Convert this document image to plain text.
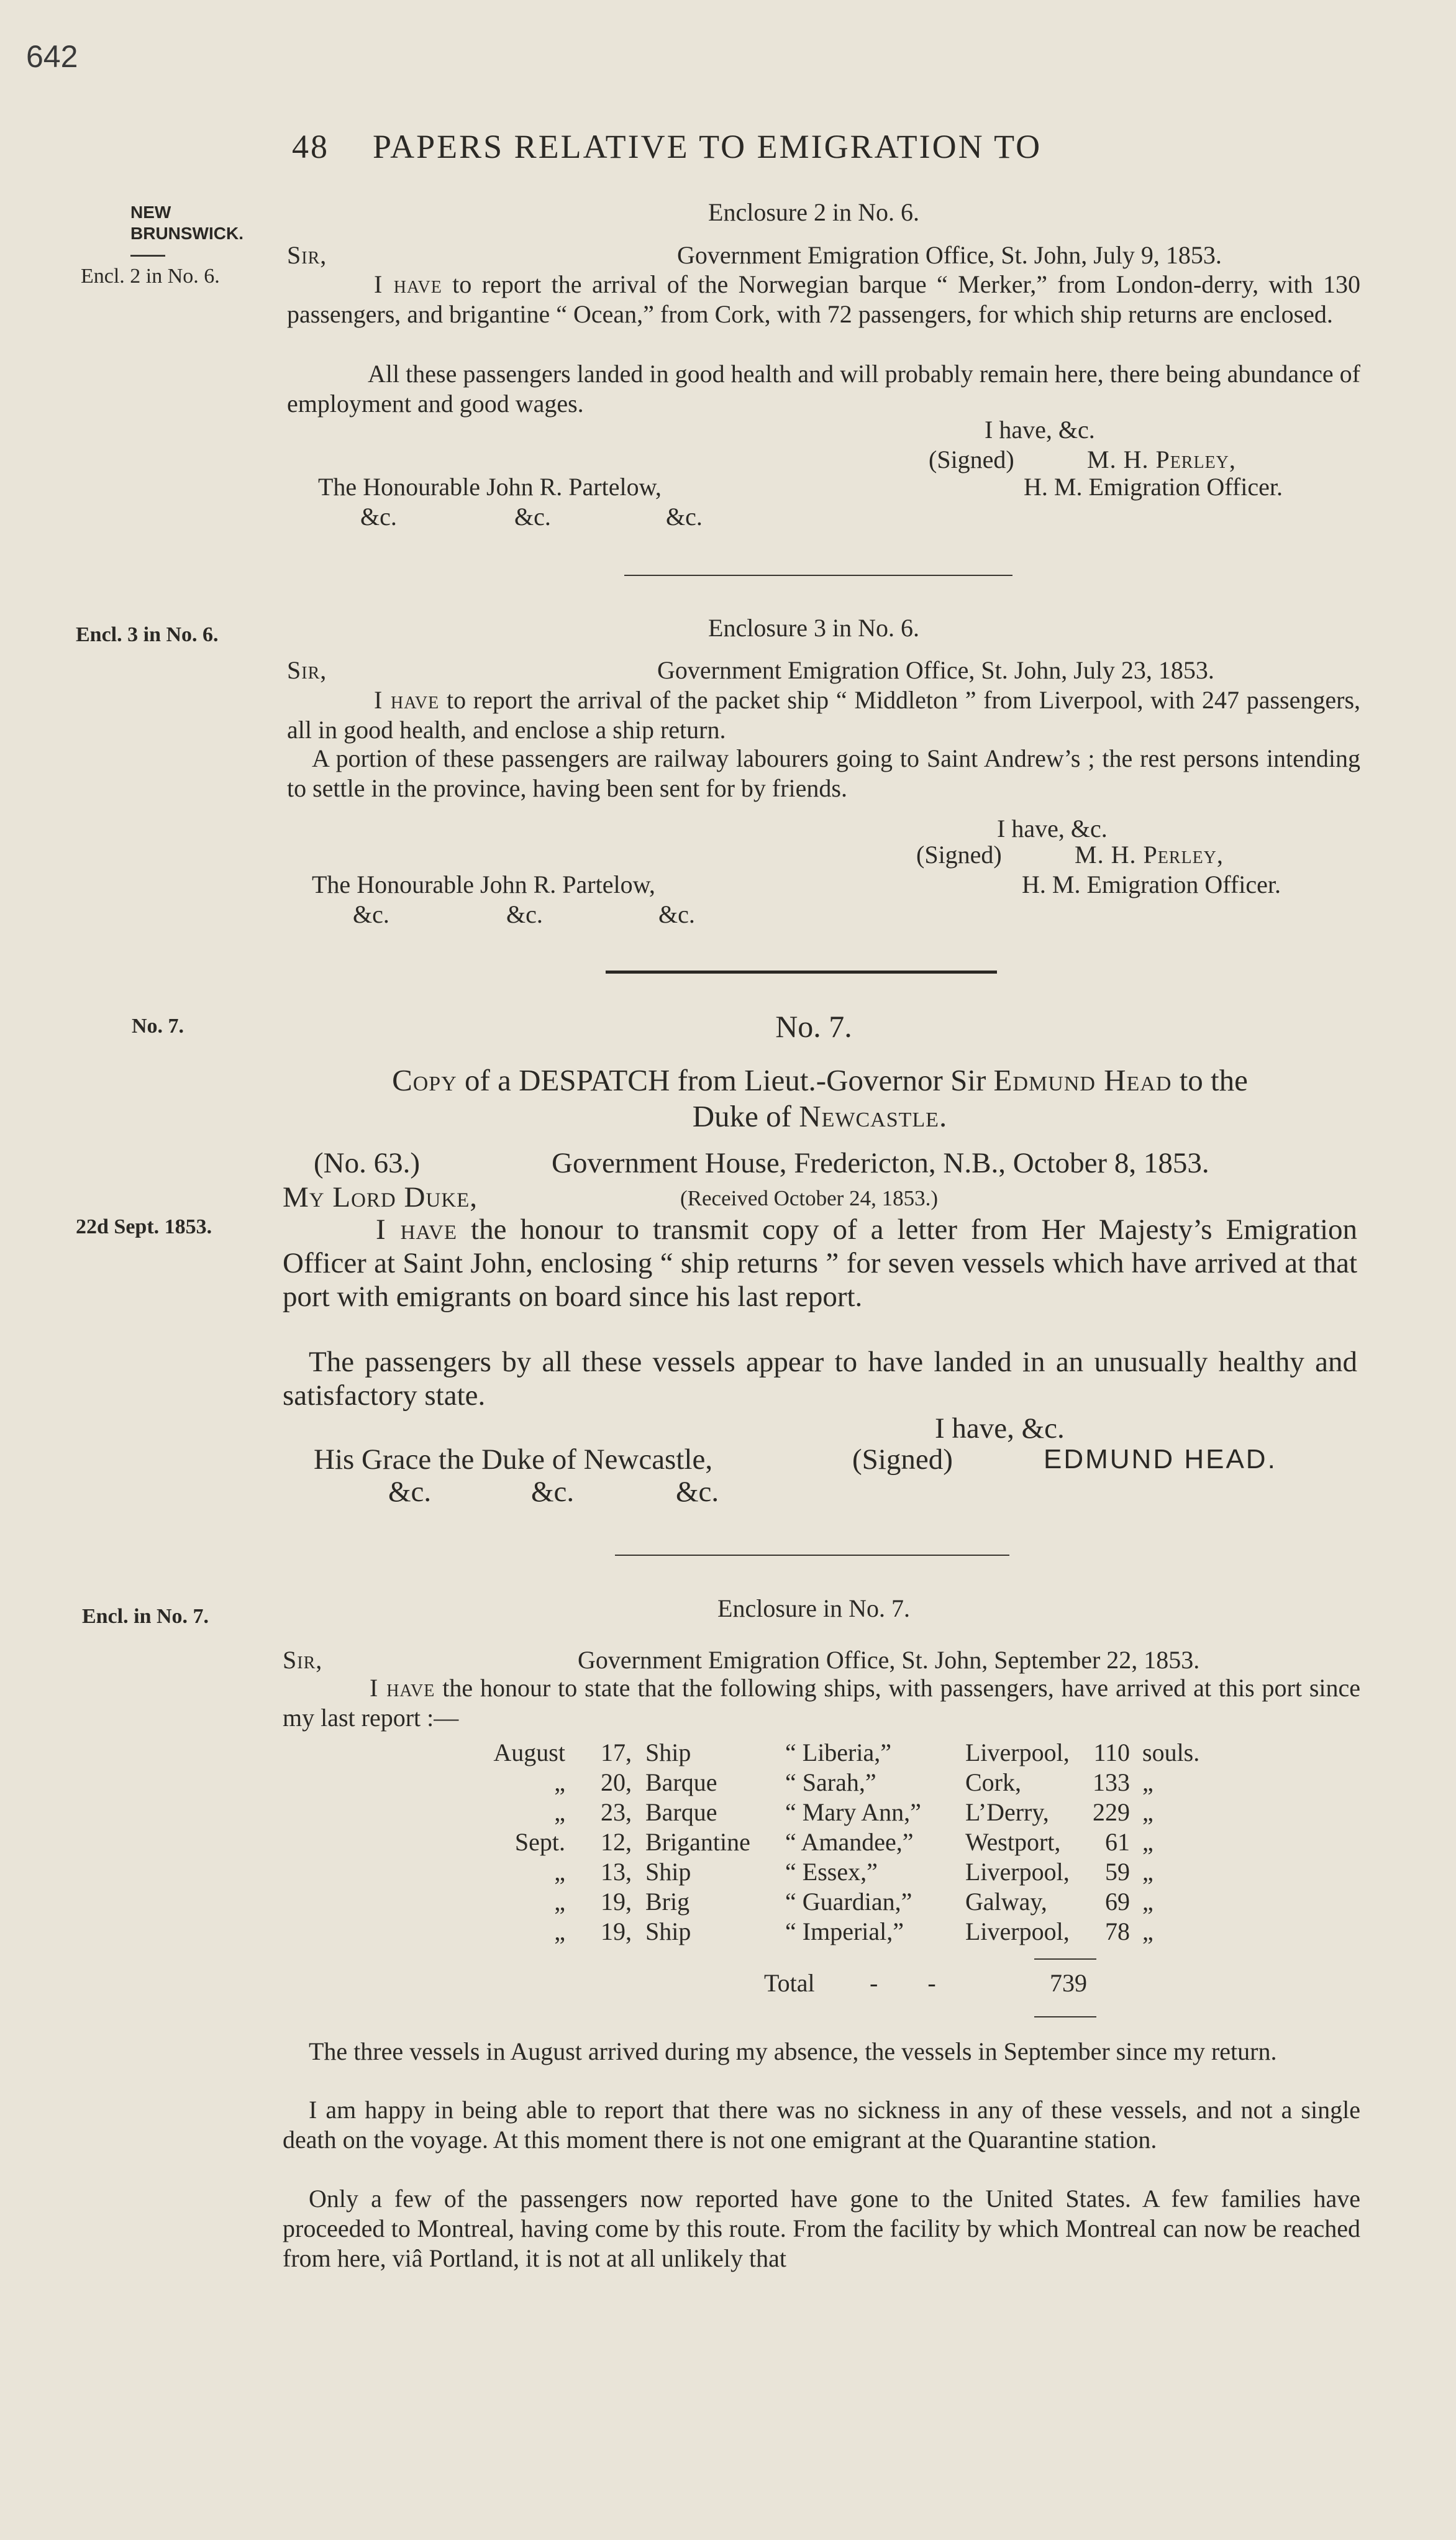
642
48 PAPERS RELATIVE TO EMIGRATION TO
NEW
BRUNSWICK.
——
Encl. 2 in No. 6.
Encl. 3 in No. 6.
No. 7.
22d Sept. 1853.
Encl. in No. 7.
Enclosure 2 in No. 6.
Sir,	Government Emigration Office, St. John, July 9, 1853.
I have to report the arrival of the Norwegian barque “ Merker,” from London-derry, with 130 passengers, and brigantine “ Ocean,” from Cork, with 72 passengers, for which ship returns are enclosed.
All these passengers landed in good health and will probably remain here, there being abundance of employment and good wages.
I have, &c.
(Signed)	M. H. Perley,
The Honourable John R. Partelow,	H. M. Emigration Officer.
&c.	&c.	&c.
Enclosure 3 in No. 6.
Sir,	Government Emigration Office, St. John, July 23, 1853.
I have to report the arrival of the packet ship “ Middleton ” from Liverpool, with 247 passengers, all in good health, and enclose a ship return.
A portion of these passengers are railway labourers going to Saint Andrew’s ; the rest persons intending to settle in the province, having been sent for by friends.
I have, &c.
(Signed)	M. H. Perley,
The Honourable John R. Partelow,	H. M. Emigration Officer.
&c.	&c.	&c.
No. 7.
Copy of a DESPATCH from Lieut.-Governor Sir Edmund Head to the
Duke of Newcastle.
(No. 63.)	Government House, Fredericton, N.B., October 8, 1853.
My Lord Duke,	(Received October 24, 1853.)
I have the honour to transmit copy of a letter from Her Majesty’s Emigration Officer at Saint John, enclosing “ ship returns ” for seven vessels which have arrived at that port with emigrants on board since his last report.
The passengers by all these vessels appear to have landed in an unusually healthy and satisfactory state.
I have, &c.
His Grace the Duke of Newcastle,	(Signed)	EDMUND HEAD.
&c.	&c.	&c.
Enclosure in No. 7.
Sir,	Government Emigration Office, St. John, September 22, 1853.
I have the honour to state that the following ships, with passengers, have arrived at this port since my last report :—
August	17,	Ship	“ Liberia,”	Liverpool,	110	souls.
„	20,	Barque	“ Sarah,”	Cork,	133	„
„	23,	Barque	“ Mary Ann,”	L’Derry,	229	„
Sept.	12,	Brigantine	“ Amandee,”	Westport,	61	„
„	13,	Ship	“ Essex,”	Liverpool,	59	„
„	19,	Brig	“ Guardian,”	Galway,	69	„
„	19,	Ship	“ Imperial,”	Liverpool,	78	„
Total -        -	739
The three vessels in August arrived during my absence, the vessels in September since my return.
I am happy in being able to report that there was no sickness in any of these vessels, and not a single death on the voyage. At this moment there is not one emigrant at the Quarantine station.
Only a few of the passengers now reported have gone to the United States. A few families have proceeded to Montreal, having come by this route. From the facility by which Montreal can now be reached from here, viâ Portland, it is not at all unlikely that
